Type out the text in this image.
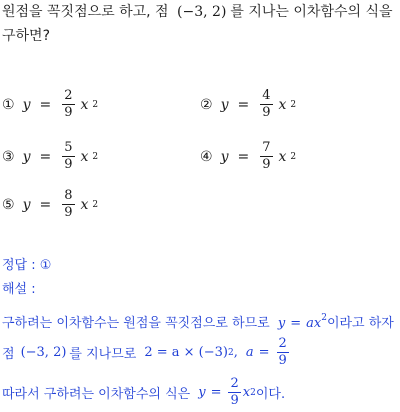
원점을 꼭짓점으로 하고, 점 (−3, 2) 를 지나는 이차함수의 식을
구하면?
① $y = \frac{2}{9}$ x 2	② $y = \frac{4}{9}$ x 2
③ $y = \frac{5}{9}$ x 2	④ $y = \frac{7}{9}$ x 2
⑤ $y = \frac{8}{9}$ x 2
정답 : ①
해설 :
구하려는 이차함수는 원점을 꼭짓점으로 하므로 $y = ax^2$이라고 하자
점 (−3, 2) 를 지나므로 2 = a × (−3) 2 , $a = \frac{2}{9}$
따라서 구하려는 이차함수의 식은 $y = \frac{2}{9}$ x 2 이다.
